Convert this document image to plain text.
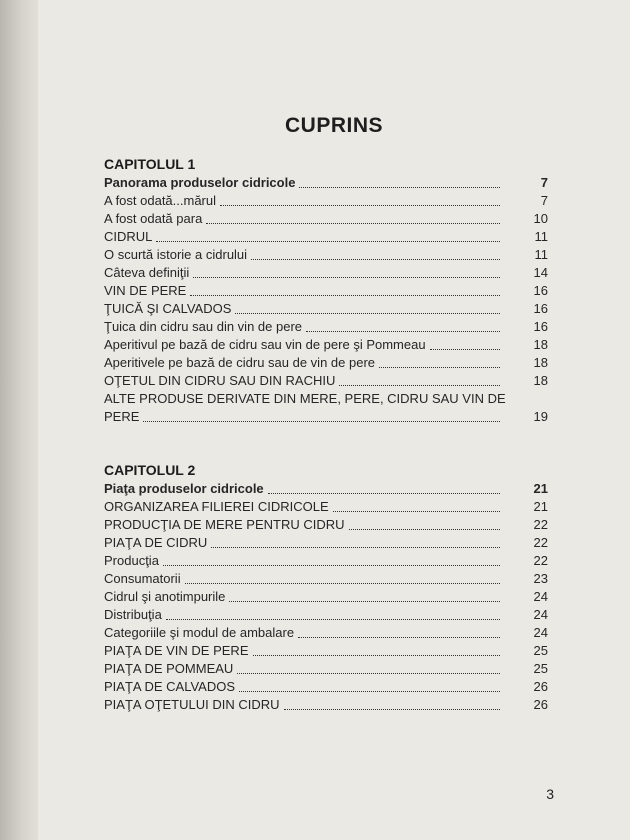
CUPRINS
3
CAPITOLUL 1
Panorama produselor cidricole	7
A fost odată...mărul	7
A fost odată para	10
CIDRUL	11
O scurtă istorie a cidrului	11
Câteva definiţii	14
VIN DE PERE	16
ŢUICĂ ŞI CALVADOS	16
Ţuica din cidru sau din vin de pere	16
Aperitivul pe bază de cidru sau vin de pere şi Pommeau	18
Aperitivele pe bază de cidru sau de vin de pere	18
OŢETUL DIN CIDRU SAU DIN RACHIU	18
ALTE PRODUSE DERIVATE DIN MERE, PERE, CIDRU SAU VIN DE PERE	19
CAPITOLUL 2
Piaţa produselor cidricole	21
ORGANIZAREA FILIEREI CIDRICOLE	21
PRODUCŢIA DE MERE PENTRU CIDRU	22
PIAŢA DE CIDRU	22
Producţia	22
Consumatorii	23
Cidrul şi anotimpurile	24
Distribuţia	24
Categoriile şi modul de ambalare	24
PIAŢA DE VIN DE PERE	25
PIAŢA DE POMMEAU	25
PIAŢA DE CALVADOS	26
PIAŢA OŢETULUI DIN CIDRU	26
